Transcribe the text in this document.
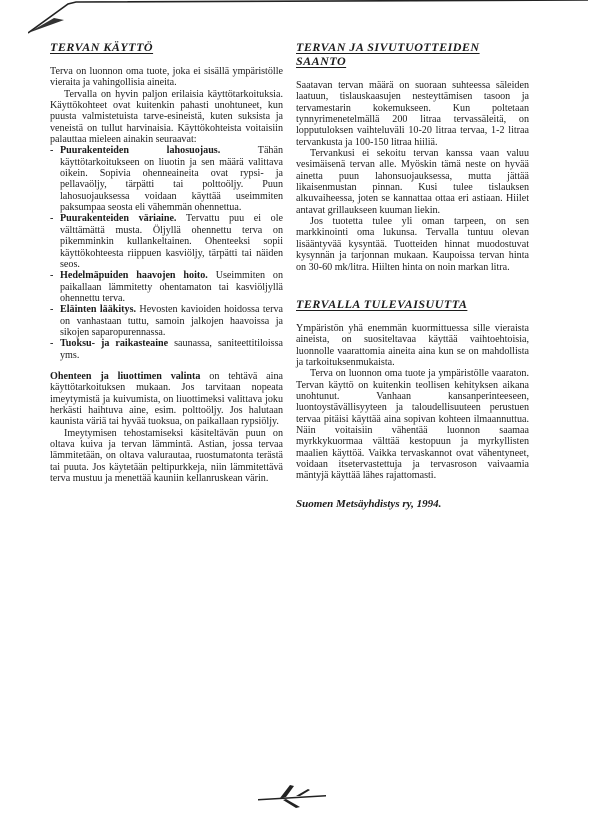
TERVAN KÄYTTÖ

Terva on luonnon oma tuote, joka ei sisällä ympäristölle vieraita ja vahingollisia aineita.

Tervalla on hyvin paljon erilaisia käyttötarkoituksia. Käyttökohteet ovat kuitenkin pahasti unohtuneet, kun puusta valmistetuista tarve-esineistä, kuten suksista ja veneistä on tullut harvinaisia. Käyttökohteista voitaisiin palauttaa mieleen ainakin seuraavat:

- Puurakenteiden lahosuojaus. Tähän käyttötarkoitukseen on liuotin ja sen määrä valittava oikein. Sopivia ohenneaineita ovat rypsi- ja pellavaöljy, tärpätti tai polttoöljy. Puun lahosuojauksessa voidaan käyttää useimmiten paksumpaa seosta eli vähemmän ohennettua.
- Puurakenteiden väriaine. Tervattu puu ei ole välttämättä musta. Öljyllä ohennettu terva on pikemminkin kullankeltainen. Ohenteeksi sopii käyttökohteesta riippuen kasviöljy, tärpätti tai näiden seos.
- Hedelmäpuiden haavojen hoito. Useimmiten on paikallaan lämmitetty ohentamaton tai kasviöljyllä ohennettu terva.
- Eläinten lääkitys. Hevosten kavioiden hoidossa terva on vanhastaan tuttu, samoin jalkojen haavoissa ja sikojen saparopurennassa.
- Tuoksu- ja raikasteaine saunassa, saniteettitiloissa yms.

Ohenteen ja liuottimen valinta on tehtävä aina käyttötarkoituksen mukaan. Jos tarvitaan nopeata imeytymistä ja kuivumista, on liuottimeksi valittava joku herkästi haihtuva aine, esim. polttoöljy. Jos halutaan kaunista väriä tai hyvää tuoksua, on paikallaan rypsiöljy.

Imeytymisen tehostamiseksi käsiteltävän puun on oltava kuiva ja tervan lämmintä. Astian, jossa tervaa lämmitetään, on oltava valurautaa, ruostumatonta terästä tai puuta. Jos käytetään peltipurkkeja, niin lämmitettävä terva mustuu ja menettää kauniin kellanruskean värin.

TERVAN JA SIVUTUOTTEIDEN SAANTO

Saatavan tervan määrä on suoraan suhteessa säleiden laatuun, tislauskaasujen nesteyttämisen tasoon ja tervamestarin kokemukseen. Kun poltetaan tynnyrimenetelmällä 200 litraa tervassäleitä, on lopputuloksen vaihteluväli 10-20 litraa tervaa, 1-2 litraa tervankusta ja 100-150 litraa hiiliä.

Tervankusi ei sekoitu tervan kanssa vaan valuu vesimäisenä tervan alle. Myöskin tämä neste on hyvää ainetta puun lahonsuojauksessa, mutta jättää likaisenmustan pinnan. Kusi tulee tislauksen alkuvaiheessa, joten se kannattaa ottaa eri astiaan. Hiilet antavat grillaukseen kuuman liekin.

Jos tuotetta tulee yli oman tarpeen, on sen markkinointi oma lukunsa. Tervalla tuntuu olevan lisääntyvää kysyntää. Tuotteiden hinnat muodostuvat kysynnän ja tarjonnan mukaan. Kaupoissa tervan hinta on 30-60 mk/litra. Hiilten hinta on noin markan litra.

TERVALLA TULEVAISUUTTA

Ympäristön yhä enemmän kuormittuessa sille vieraista aineista, on suositeltavaa käyttää vaihtoehtoisia, luonnolle vaarattomia aineita aina kun se on mahdollista ja tarkoituksenmukaista.

Terva on luonnon oma tuote ja ympäristölle vaaraton. Tervan käyttö on kuitenkin teollisen kehityksen aikana unohtunut. Vanhaan kansanperinteeseen, luontoystävällisyyteen ja taloudellisuuteen perustuen tervaa pitäisi käyttää aina sopivan kohteen ilmaannuttua. Näin voitaisiin vähentää luonnon saamaa myrkkykuormaa välttää kestopuun ja myrkyllisten maalien käyttöä. Vaikka tervaskannot ovat vähentyneet, voidaan itsetervastettuja ja tervasroson vaivaamia mäntyjä käyttää lähes rajattomasti.

Suomen Metsäyhdistys ry, 1994.
